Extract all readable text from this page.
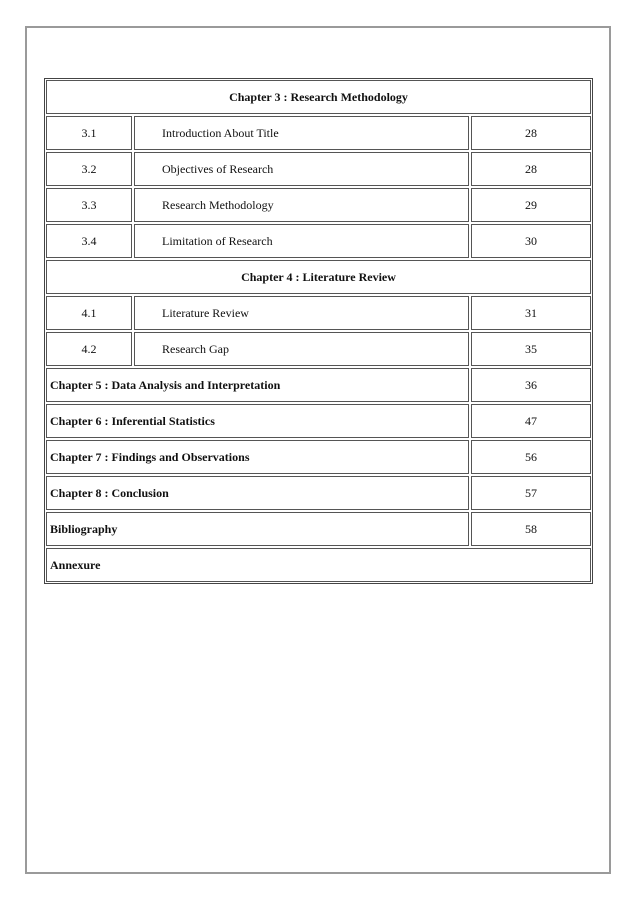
Chapter 3 : Research Methodology
3.1	Introduction About Title	28
3.2	Objectives of Research	28
3.3	Research Methodology	29
3.4	Limitation of Research	30
Chapter 4 : Literature Review
4.1	Literature Review	31
4.2	Research Gap	35
Chapter 5 : Data Analysis and Interpretation	36
Chapter 6 : Inferential Statistics	47
Chapter 7 : Findings and Observations	56
Chapter 8 : Conclusion	57
Bibliography	58
Annexure
